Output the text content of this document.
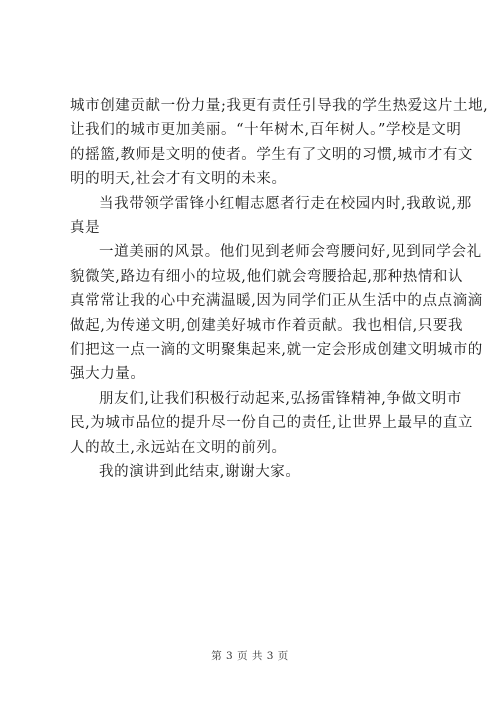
城市创建贡献一份力量;我更有责任引导我的学生热爱这片土地,
让我们的城市更加美丽。“十年树木,百年树人。”学校是文明
的摇篮,教师是文明的使者。学生有了文明的习惯,城市才有文
明的明天,社会才有文明的未来。
当我带领学雷锋小红帽志愿者行走在校园内时,我敢说,那
真是
一道美丽的风景。他们见到老师会弯腰问好,见到同学会礼
貌微笑,路边有细小的垃圾,他们就会弯腰拾起,那种热情和认
真常常让我的心中充满温暖,因为同学们正从生活中的点点滴滴
做起,为传递文明,创建美好城市作着贡献。我也相信,只要我
们把这一点一滴的文明聚集起来,就一定会形成创建文明城市的
强大力量。
朋友们,让我们积极行动起来,弘扬雷锋精神,争做文明市
民,为城市品位的提升尽一份自己的责任,让世界上最早的直立
人的故土,永远站在文明的前列。
我的演讲到此结束,谢谢大家。
第 3 页 共 3 页
